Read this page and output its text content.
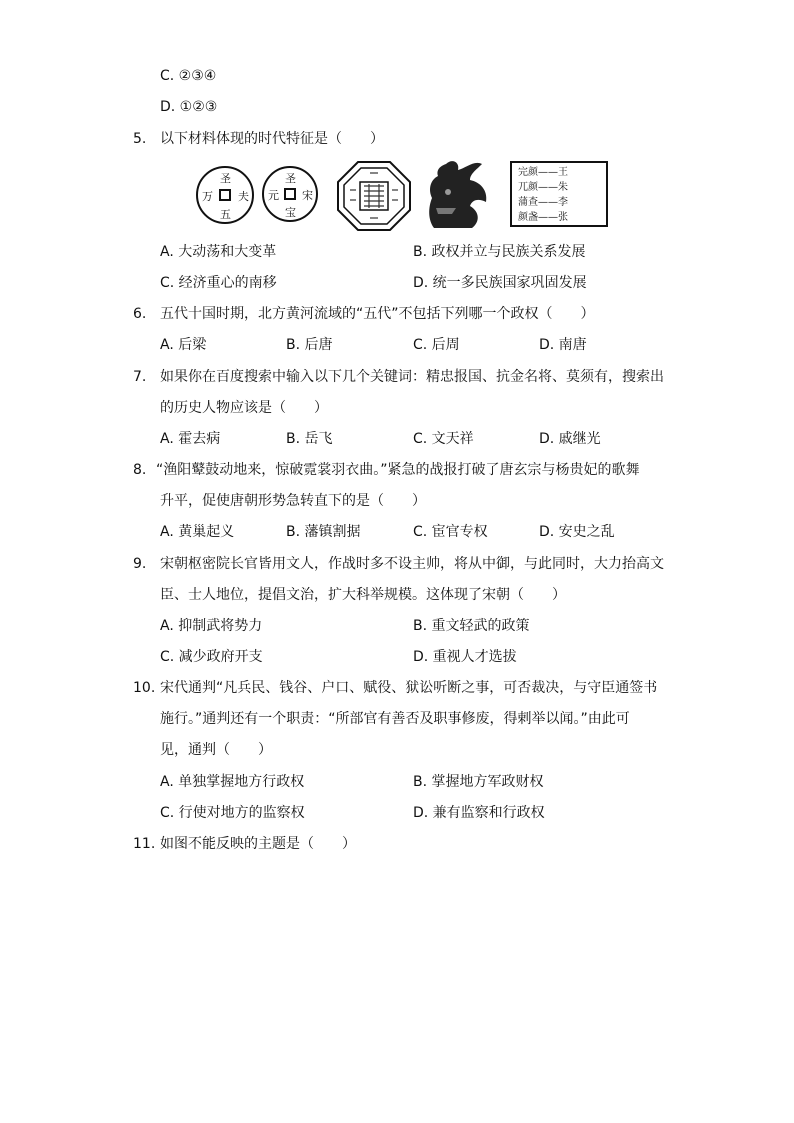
C. ②③④
D. ①②③
5. 以下材料体现的时代特征是（　　）
圣
夫
万
五
圣
宋
元
宝
完颜——王
兀颜——朱
蒲查——李
颜盏——张
A. 大动荡和大变革	B. 政权并立与民族关系发展
C. 经济重心的南移	D. 统一多民族国家巩固发展
6. 五代十国时期，北方黄河流域的“五代”不包括下列哪一个政权（　　）
A. 后梁	B. 后唐	C. 后周	D. 南唐
7. 如果你在百度搜索中输入以下几个关键词：精忠报国、抗金名将、莫须有，搜索出
的历史人物应该是（　　）
A. 霍去病	B. 岳飞	C. 文天祥	D. 戚继光
8. “渔阳鼙鼓动地来，惊破霓裳羽衣曲。”紧急的战报打破了唐玄宗与杨贵妃的歌舞
升平，促使唐朝形势急转直下的是（　　）
A. 黄巢起义	B. 藩镇割据	C. 宦官专权	D. 安史之乱
9. 宋朝枢密院长官皆用文人，作战时多不设主帅，将从中御，与此同时，大力抬高文
臣、士人地位，提倡文治，扩大科举规模。这体现了宋朝（　　）
A. 抑制武将势力	B. 重文轻武的政策
C. 减少政府开支	D. 重视人才选拔
10. 宋代通判“凡兵民、钱谷、户口、赋役、狱讼听断之事，可否裁决，与守臣通签书
施行。”通判还有一个职责：“所部官有善否及职事修废，得剌举以闻。”由此可
见，通判（　　）
A. 单独掌握地方行政权	B. 掌握地方军政财权
C. 行使对地方的监察权	D. 兼有监察和行政权
11. 如图不能反映的主题是（　　）
